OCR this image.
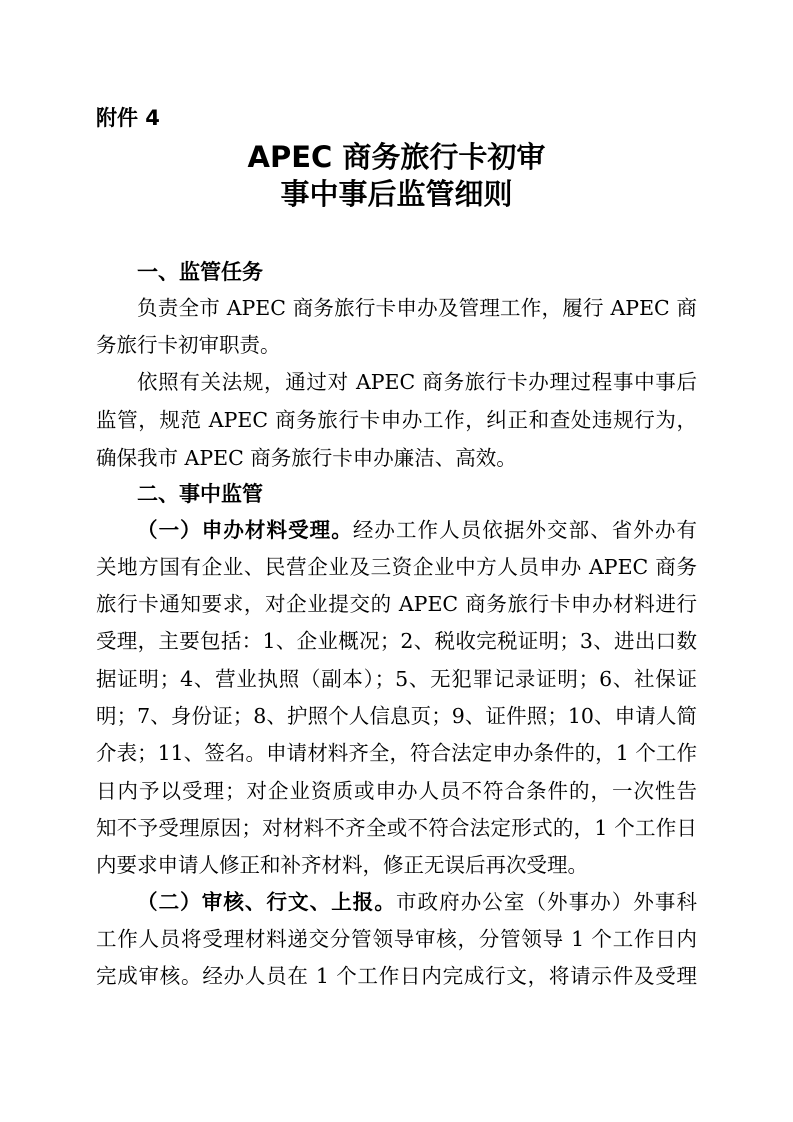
附件 4
APEC 商务旅行卡初审
事中事后监管细则
一、监管任务
负责全市 APEC 商务旅行卡申办及管理工作，履行 APEC 商
务旅行卡初审职责。
依照有关法规，通过对 APEC 商务旅行卡办理过程事中事后
监管，规范 APEC 商务旅行卡申办工作，纠正和查处违规行为，
确保我市 APEC 商务旅行卡申办廉洁、高效。
二、事中监管
（一）申办材料受理。经办工作人员依据外交部、省外办有
关地方国有企业、民营企业及三资企业中方人员申办 APEC 商务
旅行卡通知要求，对企业提交的 APEC 商务旅行卡申办材料进行
受理，主要包括：1、企业概况；2、税收完税证明；3、进出口数
据证明；4、营业执照（副本）；5、无犯罪记录证明；6、社保证
明；7、身份证；8、护照个人信息页；9、证件照；10、申请人简
介表；11、签名。申请材料齐全，符合法定申办条件的，1 个工作
日内予以受理；对企业资质或申办人员不符合条件的，一次性告
知不予受理原因；对材料不齐全或不符合法定形式的，1 个工作日
内要求申请人修正和补齐材料，修正无误后再次受理。
（二）审核、行文、上报。市政府办公室（外事办）外事科
工作人员将受理材料递交分管领导审核，分管领导 1 个工作日内
完成审核。经办人员在 1 个工作日内完成行文，将请示件及受理
